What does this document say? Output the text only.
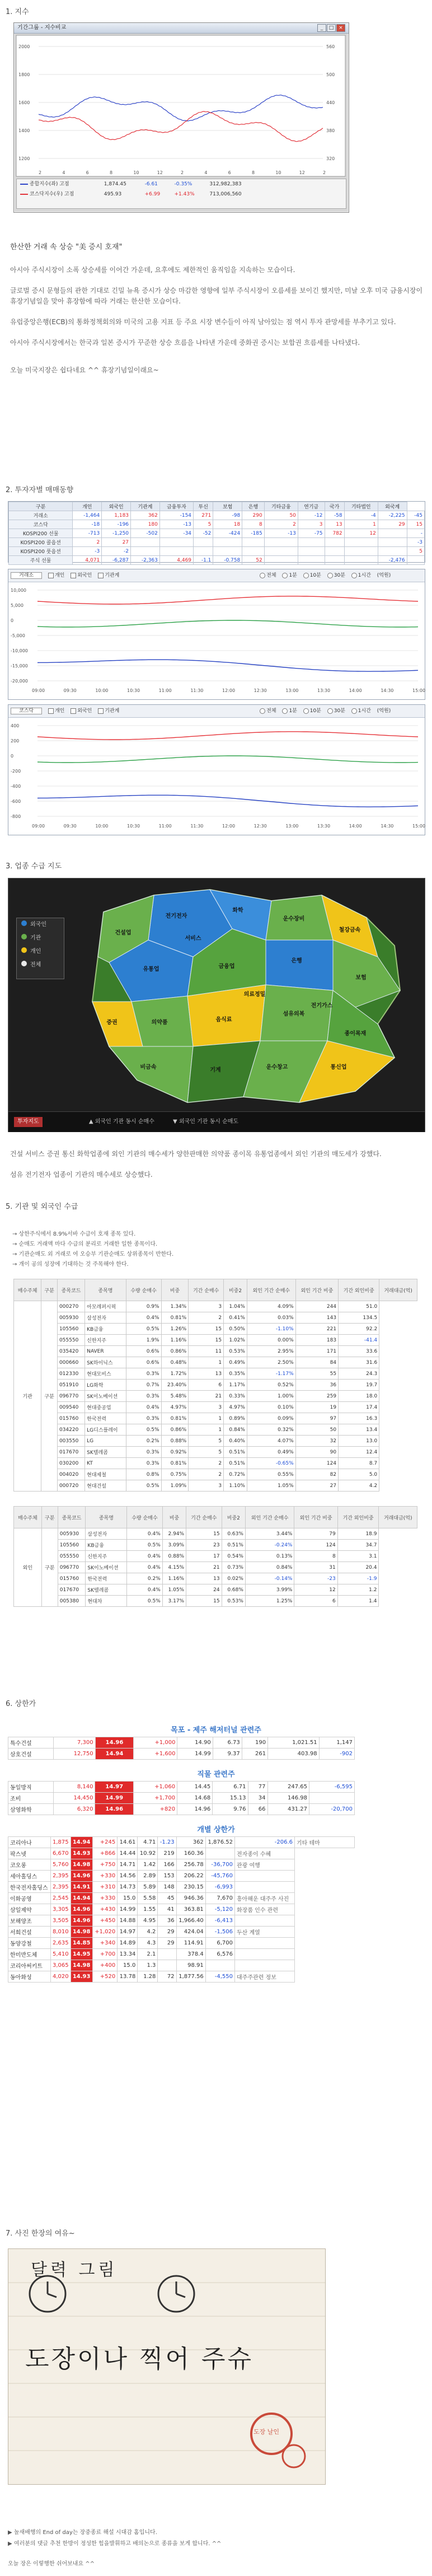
1. 지수
기간그룹 - 지수비교	_	□ ×
2000	560
1800	500
1600	440
1400	380
1200	320
2	4	6	8	10	12	2	4	6	8	10	12	2
종합지수(좌) 고점	1,874.45	-6.61	-0.35%	312,982,383
코스닥지수(우) 고점	495.93	+6.99	+1.43%	713,006,560

한산한 거래 속 상승 "美 증시 호재"

아시아 주식시장이 소폭 상승세를 이어간 가운데, 요후에도 제한적인 움직임을 지속하는 모습이다.

글로벌 증시 문형들의 관한 기대로 긴밀 뉴욕 증시가 상승 마감한 영향에 일부 주식시장이 오름세를 보이긴 했지만, 미날 오후 미국 금융시장이 휴장기념일을 맞아 휴장함에 따라 거래는 한산한 모습이다.

유럽중앙은행(ECB)의 통화정책회의와 미국의 고용 지표 등 주요 시장 변수들이 아직 남아있는 점 역시 투자 관망세를 부추기고 있다.

아시아 주식시장에서는 한국과 일본 증시가 꾸준한 상승 흐름을 나타낸 가운데 중화권 증시는 보합권 흐름세를 나타냈다.

오늘 미국지장은 쉽다네요 ^^ 휴장기념일이래요~

2. 투자자별 매매동향
구분	개인	외국인	기관계	금융투자	투신	보험	은행	기타금융	연기금	국가	기타법인	외국계	
거래소	-1,464	1,183	362	-154	271	-98	290	50	-12	-58	-4	-2,225	-45
코스닥	-18	-196	180	-13	5	18	8	2	3	13	1	29	15
KOSPI200 선물	-713	-1,250	-502	-34	-52	-424	-185	-13	-75	782	12		-
KOSPI200 콜옵션	2	27											-3
KOSPI200 풋옵션	-3	-2											5
주식 선물	4,071	-6,287	-2,363	4,469	-1.1	-0.758	52					-2,476	
거래소	개인	외국인	기관계	전체	1분	10분	30분	1시간 (억원)
10,000
5,000
0
-5,000
-10,000
-15,000
-20,000
09:00	09:30	10:00	10:30	11:00	11:30	12:00	12:30	13:00	13:30	14:00	14:30	15:00
코스닥	개인	외국인	기관계	전체	1분	10분	30분	1시간 (억원)
400
200
0
-200
-400
-600
-800
09:00	09:30	10:00	10:30	11:00	11:30	12:00	12:30	13:00	13:30	14:00	14:30	15:00
3. 업종 수급 지도
전기전자
화학
운수장비
철강금속
건설업
유통업	금융업
은행
보험
증권	의약품	음식료
섬유의복
종이목재
비금속	기계	운수창고	통신업
서비스
전기가스
의료정밀
외국인
기관
개인
전체
투자지도	▲ 외국인 기관 동시 순매수	▼ 외국인 기관 동시 순매도

건설 서비스 증권 통신 화학업종에 외인 기관의 매수세가 양한판매한 의약품 종이목 유통업종에서 외인 기관의 매도세가 강했다.

섬유 전기전자 업종이 기관의 매수세로 상승했다.

5. 기관 및 외국인 수급
→ 상한주식에서 8.9%서바 수급이 호재 종목 있다.
→ 순매도 거래액 마다 수급의 분리로 거래한 일한 종목이다.
→ 기관순매도 외 거래로 여 오승부 기관순매도 상위종목이 반한다.
→ 개이 공의 성장에 기대하는 것 주목해야 한다.
매수주체	구분	종목코드	종목명	수량 순매수	비중	기간 순매수	비중2	외인 기간 순매수	외인 기간 비중	기간 외인비중	거래대금(억)
기관	구분	000270	아모레퍼시픽	0.9%	1.34%	3	1.04%	4.09%	244	51.0	
		005930	삼성전자	0.4%	0.81%	2	0.41%	0.03%	143	134.5	
		105560	KB금융	0.5%	1.26%	15	0.50%	-1.10%	221	92.2	
		055550	신한지주	1.9%	1.16%	15	1.02%	0.00%	183	-41.4	
		035420	NAVER	0.6%	0.86%	11	0.53%	2.95%	171	33.6	
		000660	SK하이닉스	0.6%	0.48%	1	0.49%	2.50%	84	31.6	
		012330	현대모비스	0.3%	1.72%	13	0.35%	-1.17%	55	24.3	
		051910	LG화학	0.7%	23.40%	6	1.17%	0.52%	36	19.7	
		096770	SK이노베이션	0.3%	5.48%	21	0.33%	1.00%	259	18.0	
		009540	현대중공업	0.4%	4.97%	3	4.97%	0.10%	19	17.4	
		015760	한국전력	0.3%	0.81%	1	0.89%	0.09%	97	16.3	
		034220	LG디스플레이	0.5%	0.86%	1	0.84%	0.32%	50	13.4	
		003550	LG	0.2%	0.88%	5	0.40%	4.07%	32	13.0	
		017670	SK텔레콤	0.3%	0.92%	5	0.51%	0.49%	90	12.4	
		030200	KT	0.3%	0.81%	2	0.51%	-0.65%	124	8.7	
		004020	현대제철	0.8%	0.75%	2	0.72%	0.55%	82	5.0	
		000720	현대건설	0.5%	1.09%	3	1.10%	1.05%	27	4.2	
매수주체	구분	종목코드	종목명	수량 순매수	비중	기간 순매수	비중2	외인 기간 순매수	외인 기간 비중	기간 외인비중	거래대금(억)
외인	구분	005930	삼성전자	0.4%	2.94%	15	0.63%	3.44%	79	18.9	
		105560	KB금융	0.5%	3.09%	23	0.51%	-0.24%	124	34.7	
		055550	신한지주	0.4%	0.88%	17	0.54%	0.13%	8	3.1	
		096770	SK이노베이션	0.4%	4.15%	21	0.73%	0.84%	31	20.4	
		015760	한국전력	0.2%	1.16%	13	0.02%	-0.14%	-23	-1.9	
		017670	SK텔레콤	0.4%	1.05%	24	0.68%	3.99%	12	1.2	
		005380	현대차	0.5%	3.17%	15	0.53%	1.25%	6	1.4	
6. 상한가
목포 - 제주 해저터널 관련주
특수건설	7,300	14.96	+1,000	14.90	6.73	190	1,021.51	1,147
삼호건설	12,750	14.94	+1,600	14.99	9.37	261	403.98	-902
직물 관련주
동일방직	8,140	14.97	+1,060	14.45	6.71	77	247.65	-6,595
조비	14,450	14.99	+1,700	14.68	15.13	34	146.98	
삼영화학	6,320	14.96	+820	14.96	9.76	66	431.27	-20,700
개별 상한가
코리아나	1,875	14.94	+245	14.61	4.71	-1.23	362	1,876.52	-206.6	기타 테마
팍스넷	6,670	14.93	+866	14.44	10.92	219	160.36		전자종이 수혜	
코오롱	5,760	14.98	+750	14.71	1.42	166	256.78	-36,700	관광 여행	
세아홀딩스	2,395	14.96	+330	14.56	2.89	153	206.22	-45,760		
한국전자홀딩스	2,395	14.91	+310	14.73	5.89	148	230.15	-6,993		
이화공영	2,545	14.94	+330	15.0	5.58	45	946.36	7,670	흥아해운 대주주 사진	
삼일제약	3,305	14.96	+430	14.99	1.55	41	363.81	-5,120	화장품 인수 관련	
보해양조	3,505	14.96	+450	14.88	4.95	36	1,966.40	-6,413		
서희건설	8,010	14.98	+1,020	14.97	4.2	29	424.04	-1,506	두산 계열	
동양강철	2,635	14.85	+340	14.89	4.3	29	114.91	6,700		
한미반도체	5,410	14.95	+700	13.34	2.1		378.4	6,576		
코리아써키트	3,065	14.98	+400	15.0	1.3		98.91			
동아화성	4,020	14.93	+520	13.78	1.28	72	1,877.56	-4,550	대주주관련 정보	
7. 사진 한장의 여유~
달력 그림
도장이나 찍어 주슈
도장 날인
▶ 놀새배행의 End of day는 장중종료 해설 시대감 홈입니다.
▶ 여러분의 댓글 추천 한방이 정성한 힘을발휘하고 배의논으로 종류을 보게 합니다. ^^
오늘 장은 이렇행한 쉬어보내요 ^^
